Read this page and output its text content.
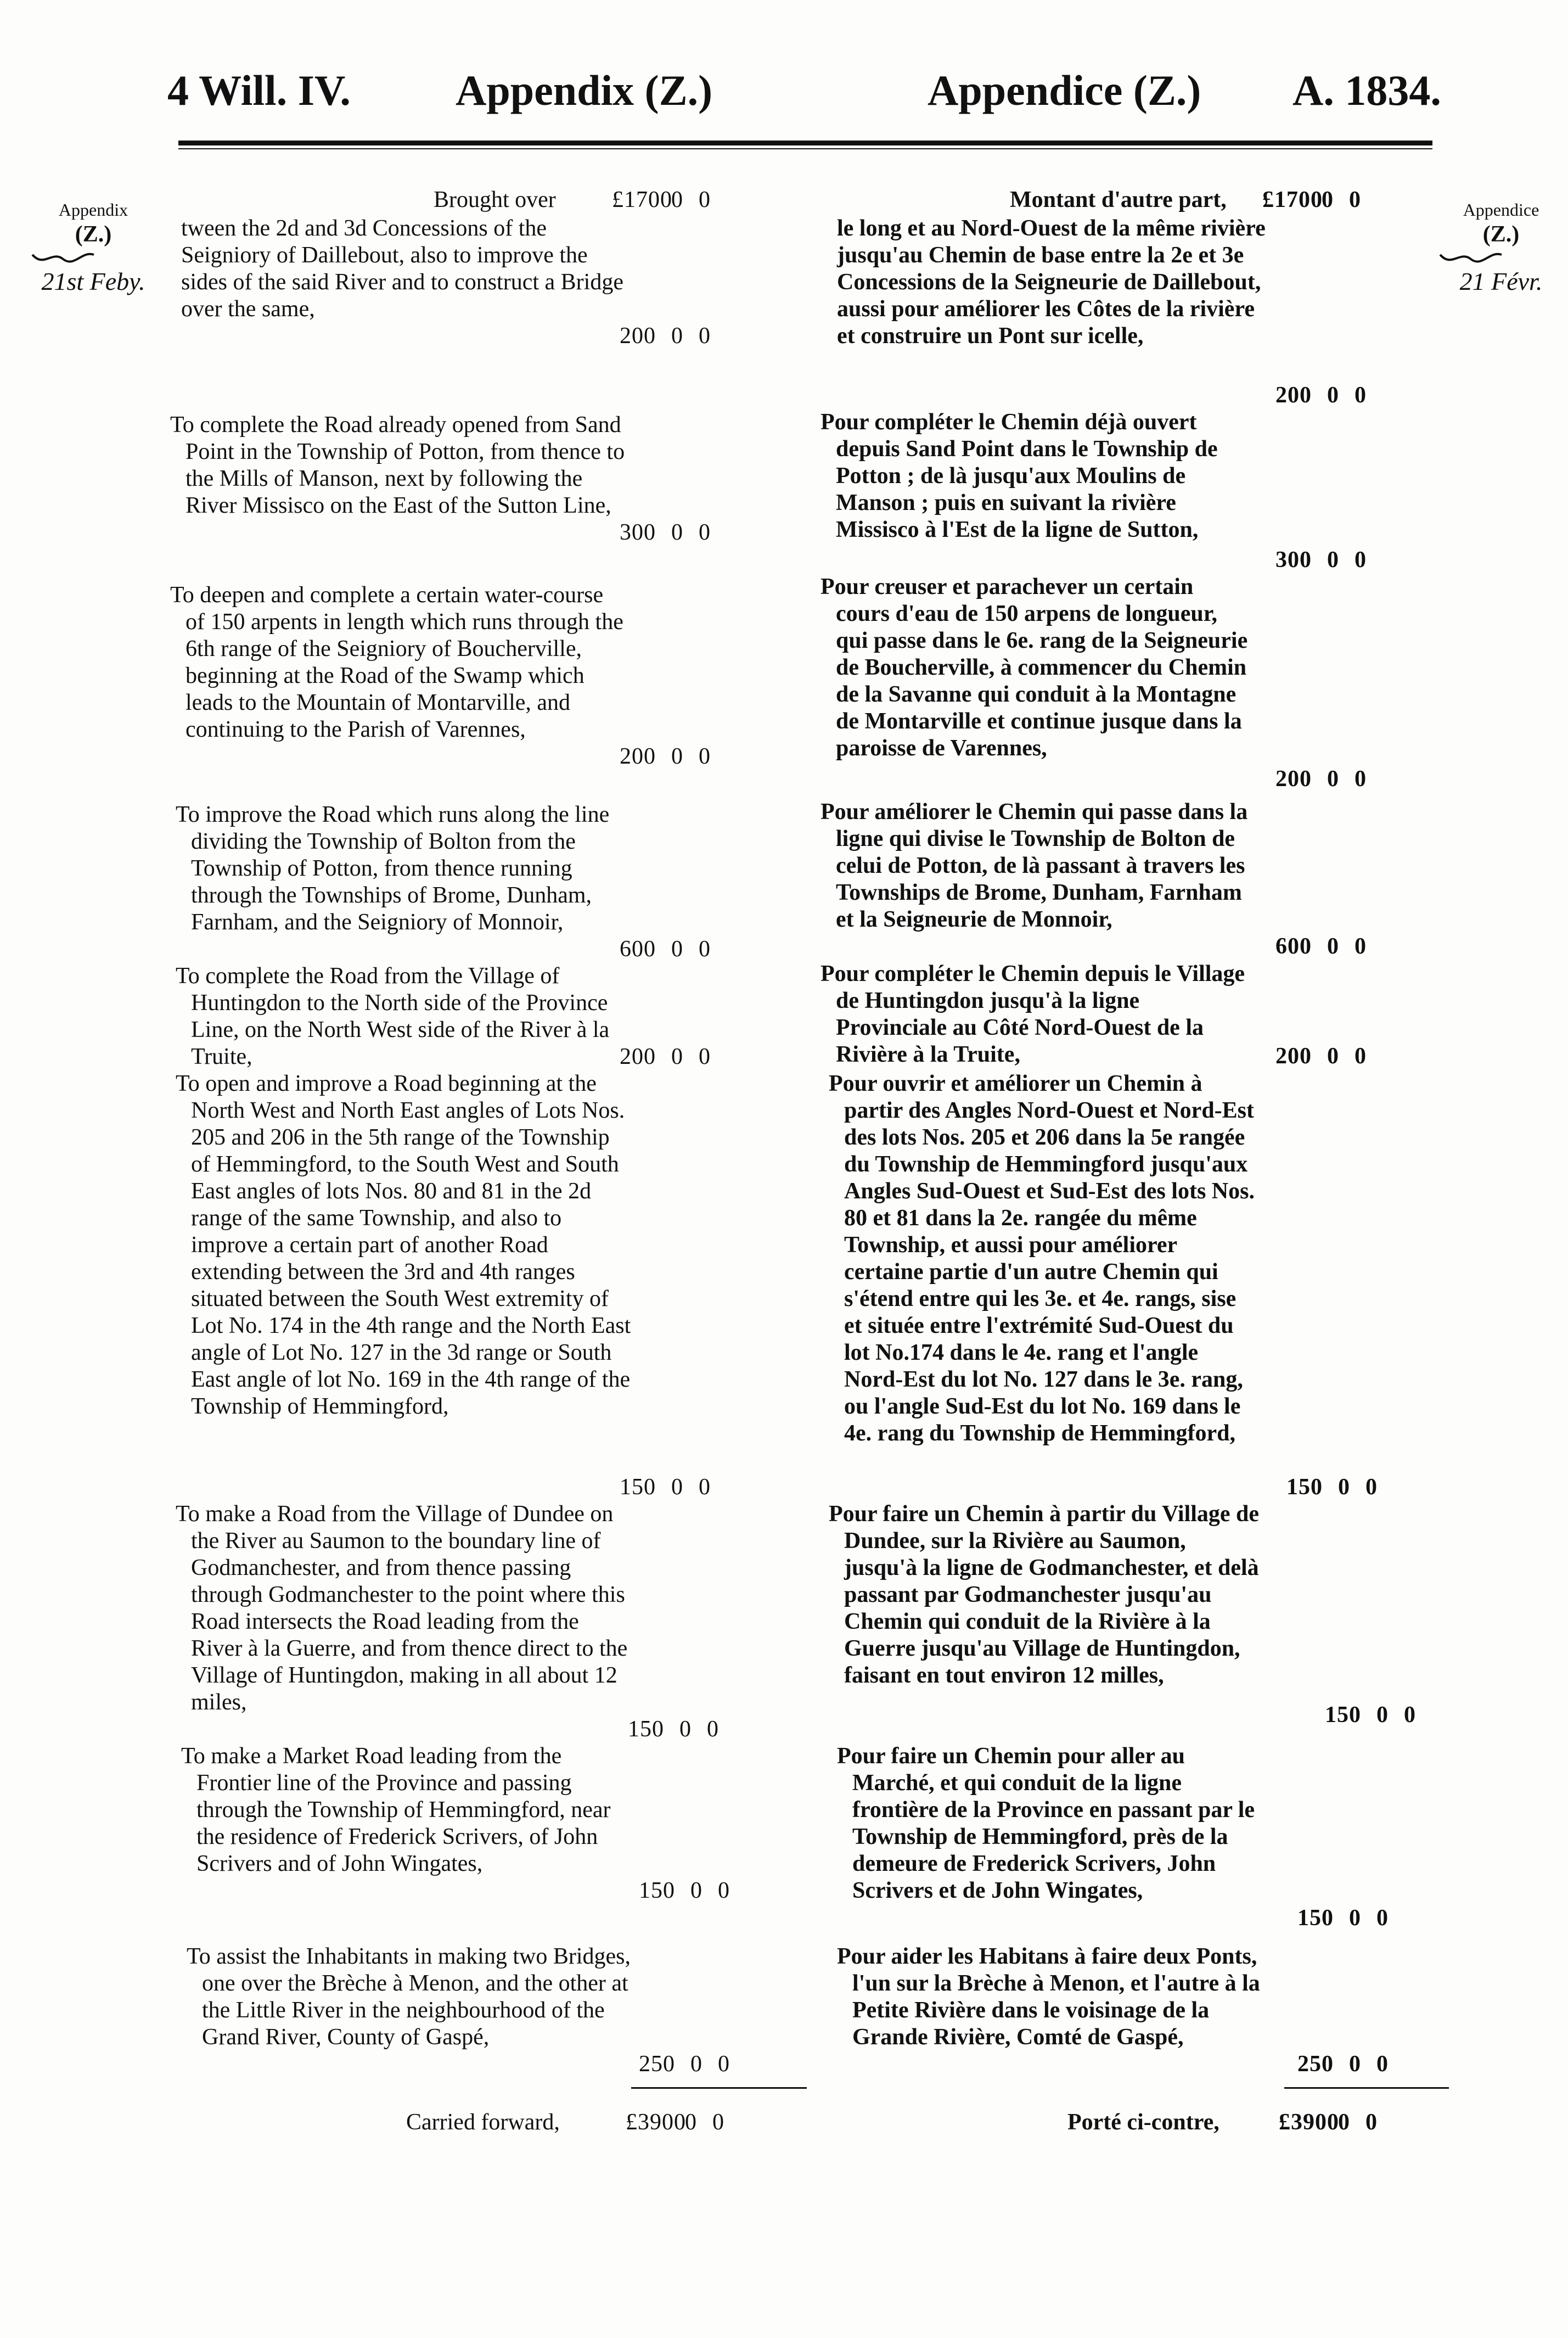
4 Will. IV. Appendix (Z.)	Appendice (Z.) A. 1834.
Appendix
(Z.)
21st Feby.
Appendice
(Z.)
21 Févr.
Brought over £17000 0

tween the 2d and 3d Concessions of the Seigniory of Daillebout, also to improve the sides of the said River and to construct a Bridge over the same,

200 0 0

To complete the Road already opened from Sand Point in the Township of Potton, from thence to the Mills of Manson, next by following the River Missisco on the East of the Sutton Line,

300 0 0

To deepen and complete a certain water-course of 150 arpents in length which runs through the 6th range of the Seigniory of Boucherville, beginning at the Road of the Swamp which leads to the Mountain of Montarville, and continuing to the Parish of Varennes,

200 0 0

To improve the Road which runs along the line dividing the Township of Bolton from the Township of Potton, from thence running through the Townships of Brome, Dunham, Farnham, and the Seigniory of Monnoir,

600 0 0

To complete the Road from the Village of Huntingdon to the North side of the Province Line, on the North West side of the River à la Truite,	200 0 0

To open and improve a Road beginning at the North West and North East angles of Lots Nos. 205 and 206 in the 5th range of the Township of Hemmingford, to the South West and South East angles of lots Nos. 80 and 81 in the 2d range of the same Township, and also to improve a certain part of another Road extending between the 3rd and 4th ranges situated between the South West extremity of Lot No. 174 in the 4th range and the North East angle of Lot No. 127 in the 3d range or South East angle of lot No. 169 in the 4th range of the Township of Hemmingford,

150 0 0

To make a Road from the Village of Dundee on the River au Saumon to the boundary line of Godmanchester, and from thence passing through Godmanchester to the point where this Road intersects the Road leading from the River à la Guerre, and from thence direct to the Village of Huntingdon, making in all about 12 miles,

150 0 0

To make a Market Road leading from the Frontier line of the Province and passing through the Township of Hemmingford, near the residence of Frederick Scrivers, of John Scrivers and of John Wingates,

150 0 0

To assist the Inhabitants in making two Bridges, one over the Brèche à Menon, and the other at the Little River in the neighbourhood of the Grand River, County of Gaspé,

250 0 0
Carried forward,	£39000 0
Montant d'autre part, £17000 0

le long et au Nord-Ouest de la même rivière jusqu'au Chemin de base entre la 2e et 3e Concessions de la Seigneurie de Daillebout, aussi pour améliorer les Côtes de la rivière et construire un Pont sur icelle,

200 0 0

Pour compléter le Chemin déjà ouvert depuis Sand Point dans le Township de Potton ; de là jusqu'aux Moulins de Manson ; puis en suivant la rivière Missisco à l'Est de la ligne de Sutton,

300 0 0

Pour creuser et parachever un certain cours d'eau de 150 arpens de longueur, qui passe dans le 6e. rang de la Seigneurie de Boucherville, à commencer du Chemin de la Savanne qui conduit à la Montagne de Montarville et continue jusque dans la paroisse de Varennes,

200 0 0

Pour améliorer le Chemin qui passe dans la ligne qui divise le Township de Bolton de celui de Potton, de là passant à travers les Townships de Brome, Dunham, Farnham et la Seigneurie de Monnoir,

600 0 0

Pour compléter le Chemin depuis le Village de Huntingdon jusqu'à la ligne Provinciale au Côté Nord-Ouest de la Rivière à la Truite,	200 0 0

Pour ouvrir et améliorer un Chemin à partir des Angles Nord-Ouest et Nord-Est des lots Nos. 205 et 206 dans la 5e rangée du Township de Hemmingford jusqu'aux Angles Sud-Ouest et Sud-Est des lots Nos. 80 et 81 dans la 2e. rangée du même Township, et aussi pour améliorer certaine partie d'un autre Chemin qui s'étend entre qui les 3e. et 4e. rangs, sise et située entre l'extrémité Sud-Ouest du lot No.174 dans le 4e. rang et l'angle Nord-Est du lot No. 127 dans le 3e. rang, ou l'angle Sud-Est du lot No. 169 dans le 4e. rang du Township de Hemmingford,

150 0 0

Pour faire un Chemin à partir du Village de Dundee, sur la Rivière au Saumon, jusqu'à la ligne de Godmanchester, et delà passant par Godmanchester jusqu'au Chemin qui conduit de la Rivière à la Guerre jusqu'au Village de Huntingdon, faisant en tout environ 12 milles,

150 0 0

Pour faire un Chemin pour aller au Marché, et qui conduit de la ligne frontière de la Province en passant par le Township de Hemmingford, près de la demeure de Frederick Scrivers, John Scrivers et de John Wingates,

150 0 0

Pour aider les Habitans à faire deux Ponts, l'un sur la Brèche à Menon, et l'autre à la Petite Rivière dans le voisinage de la Grande Rivière, Comté de Gaspé,

250 0 0
Porté ci-contre,	£39000 0
